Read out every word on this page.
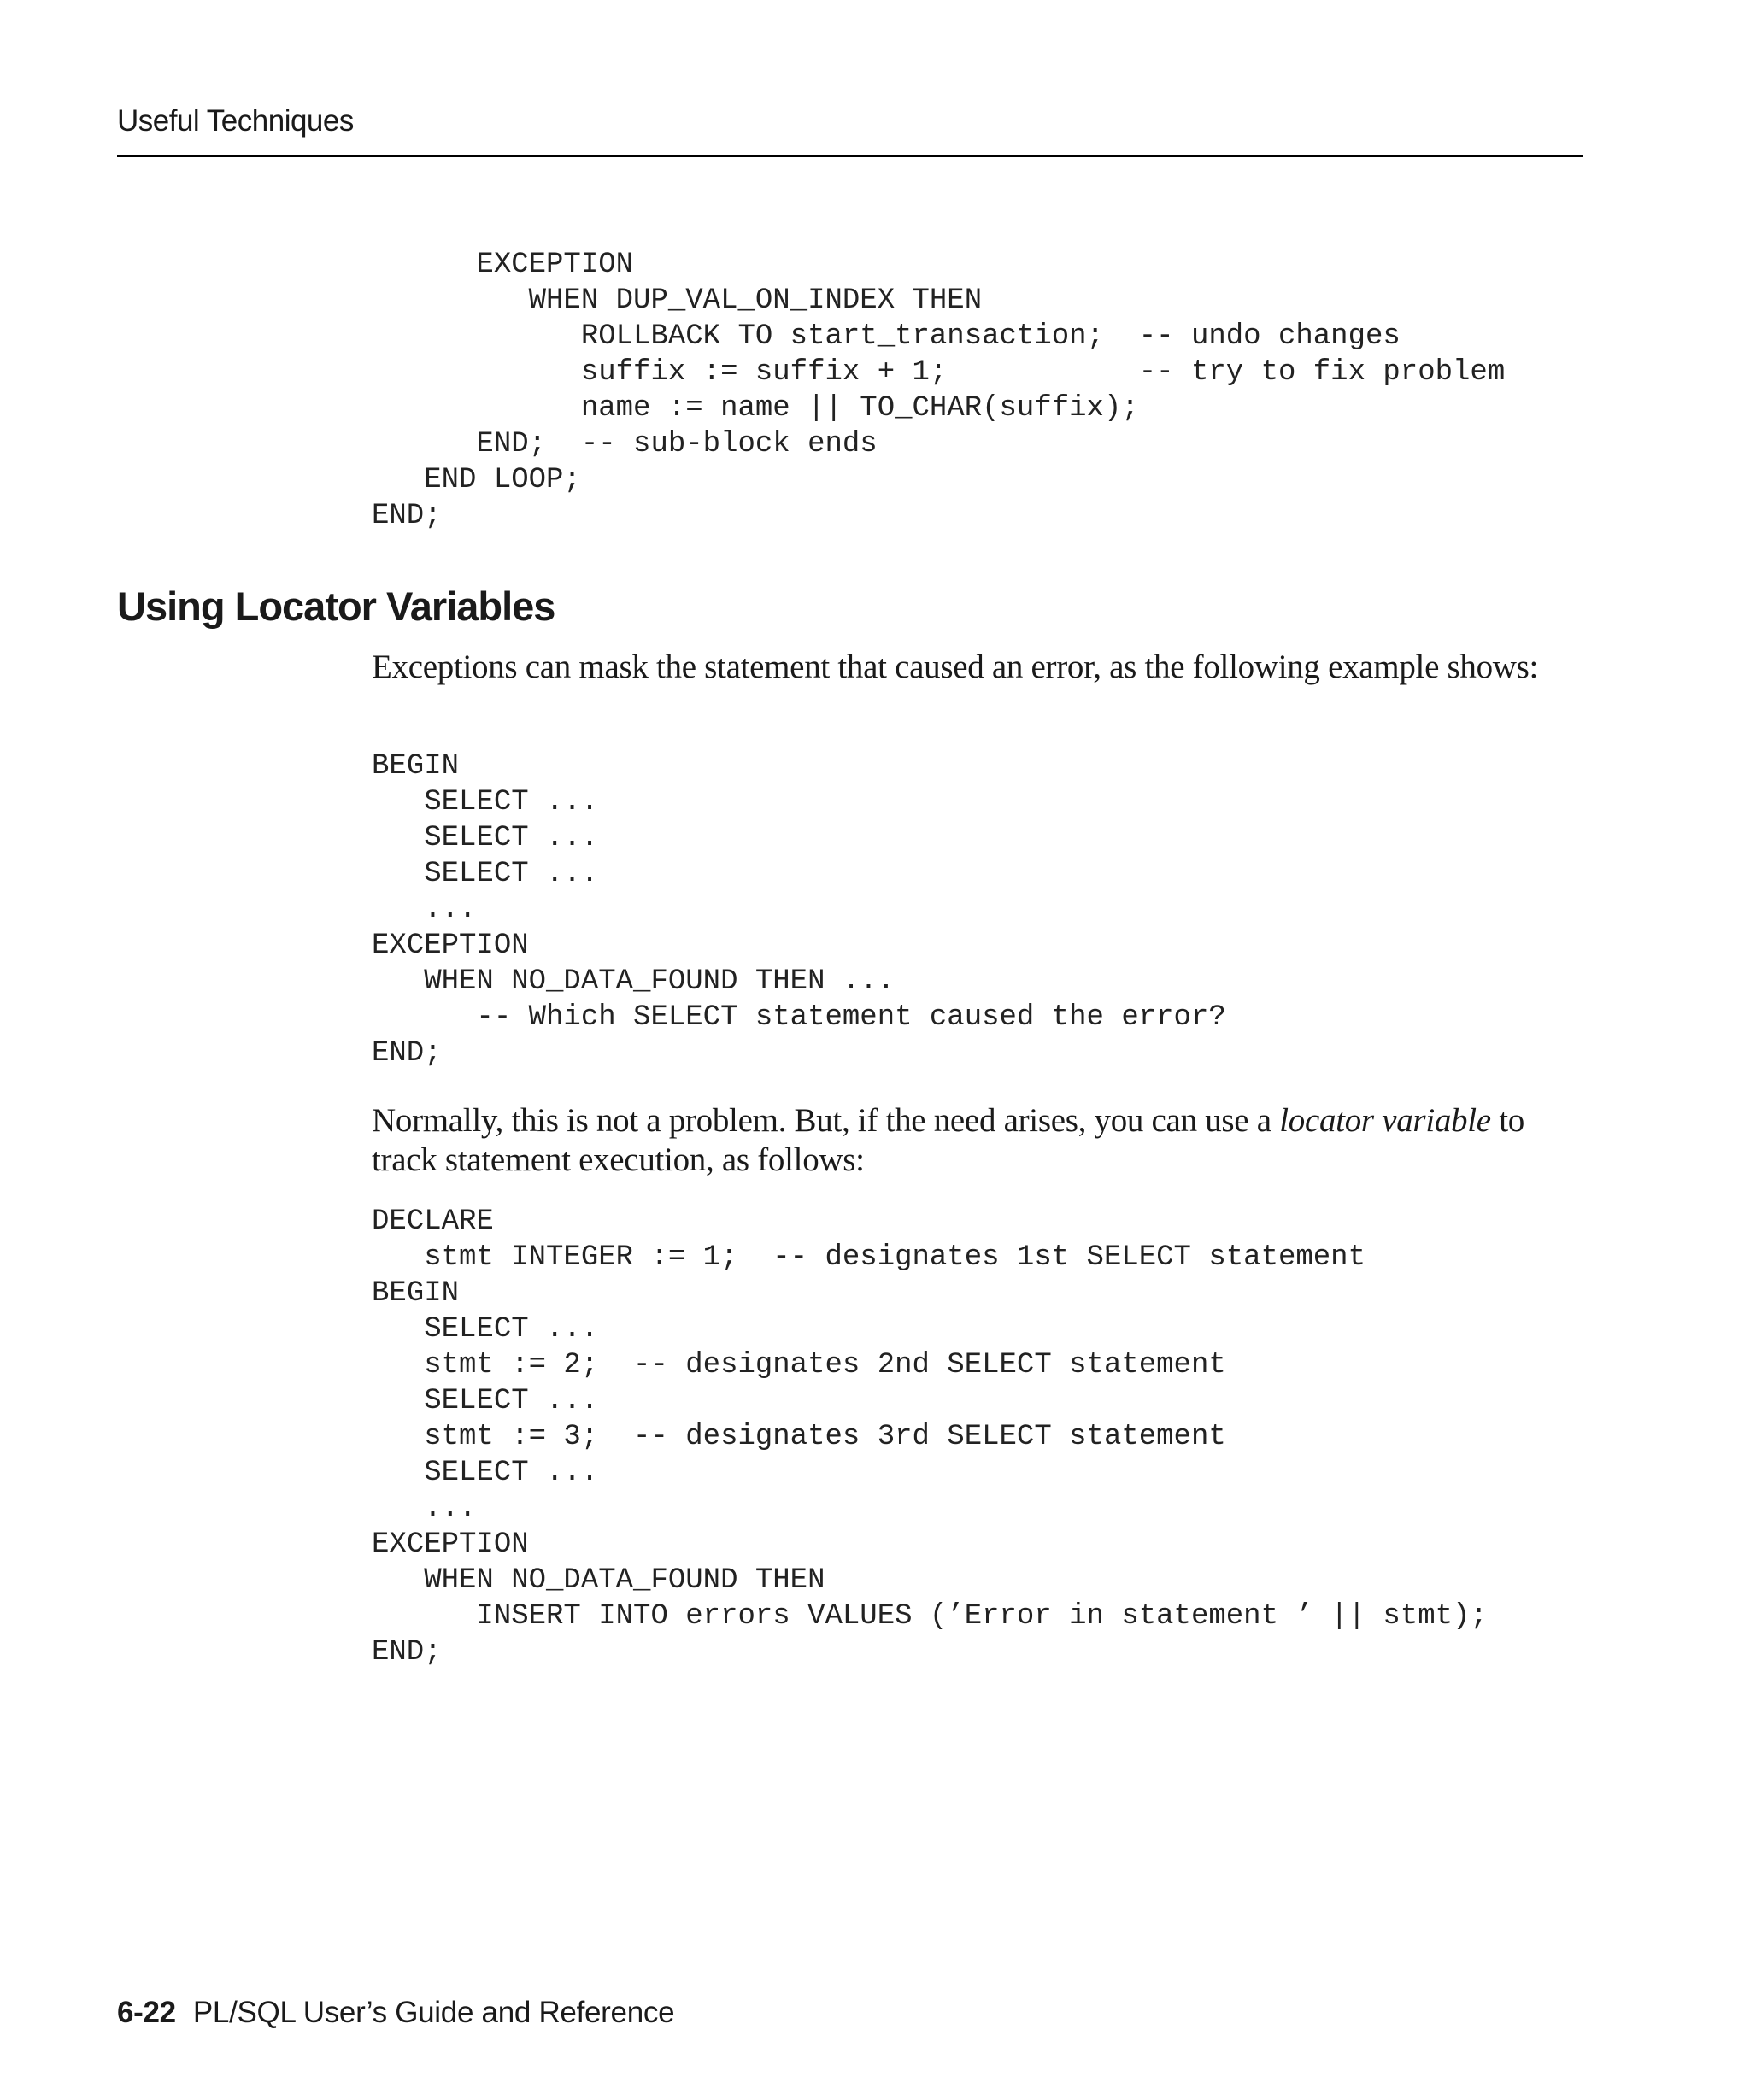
Useful Techniques
EXCEPTION
WHEN DUP_VAL_ON_INDEX THEN
ROLLBACK TO start_transaction;  -- undo changes
suffix := suffix + 1;           -- try to fix problem
name := name || TO_CHAR(suffix);
END;  -- sub-block ends
END LOOP;
END;
Using Locator Variables

Exceptions can mask the statement that caused an error, as the following example shows:

BEGIN
SELECT ...
SELECT ...
SELECT ...
...
EXCEPTION
WHEN NO_DATA_FOUND THEN ...
-- Which SELECT statement caused the error?
END;

Normally, this is not a problem. But, if the need arises, you can use a locator variable to track statement execution, as follows:

DECLARE
stmt INTEGER := 1;  -- designates 1st SELECT statement
BEGIN
SELECT ...
stmt := 2;  -- designates 2nd SELECT statement
SELECT ...
stmt := 3;  -- designates 3rd SELECT statement
SELECT ...
...
EXCEPTION
WHEN NO_DATA_FOUND THEN
INSERT INTO errors VALUES (’Error in statement ’ || stmt);
END;
6-22 PL/SQL User’s Guide and Reference
